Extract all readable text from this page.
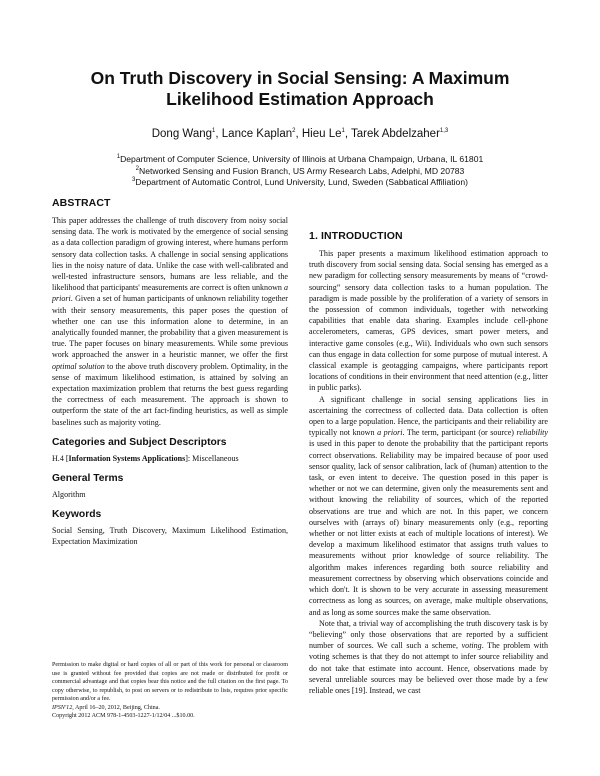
On Truth Discovery in Social Sensing: A Maximum
Likelihood Estimation Approach

Dong Wang$^1$, Lance Kaplan$^2$, Hieu Le$^1$, Tarek Abdelzaher$^{1,3}$

$^1$Department of Computer Science, University of Illinois at Urbana Champaign, Urbana, IL 61801

$^2$Networked Sensing and Fusion Branch, US Army Research Labs, Adelphi, MD 20783

$^3$Department of Automatic Control, Lund University, Lund, Sweden (Sabbatical Affiliation)

ABSTRACT

This paper addresses the challenge of truth discovery from noisy social sensing data. The work is motivated by the emergence of social sensing as a data collection paradigm of growing interest, where humans perform sensory data collection tasks. A challenge in social sensing applications lies in the noisy nature of data. Unlike the case with well-calibrated and well-tested infrastructure sensors, humans are less reliable, and the likelihood that participants' measurements are correct is often unknown a priori. Given a set of human participants of unknown reliability together with their sensory measurements, this paper poses the question of whether one can use this information alone to determine, in an analytically founded manner, the probability that a given measurement is true. The paper focuses on binary measurements. While some previous work approached the answer in a heuristic manner, we offer the first optimal solution to the above truth discovery problem. Optimality, in the sense of maximum likelihood estimation, is attained by solving an expectation maximization problem that returns the best guess regarding the correctness of each measurement. The approach is shown to outperform the state of the art fact-finding heuristics, as well as simple baselines such as majority voting.

Categories and Subject Descriptors

H.4 [Information Systems Applications]: Miscellaneous

General Terms

Algorithm

Keywords

Social Sensing, Truth Discovery, Maximum Likelihood Estimation, Expectation Maximization

Permission to make digital or hard copies of all or part of this work for personal or classroom use is granted without fee provided that copies are not made or distributed for profit or commercial advantage and that copies bear this notice and the full citation on the first page. To copy otherwise, to republish, to post on servers or to redistribute to lists, requires prior specific permission and/or a fee.

IPSN'12, April 16–20, 2012, Beijing, China.

Copyright 2012 ACM 978-1-4503-1227-1/12/04 ...$10.00.

1. INTRODUCTION

This paper presents a maximum likelihood estimation approach to truth discovery from social sensing data. Social sensing has emerged as a new paradigm for collecting sensory measurements by means of “crowd-sourcing” sensory data collection tasks to a human population. The paradigm is made possible by the proliferation of a variety of sensors in the possession of common individuals, together with networking capabilities that enable data sharing. Examples include cell-phone accelerometers, cameras, GPS devices, smart power meters, and interactive game consoles (e.g., Wii). Individuals who own such sensors can thus engage in data collection for some purpose of mutual interest. A classical example is geotagging campaigns, where participants report locations of conditions in their environment that need attention (e.g., litter in public parks).

A significant challenge in social sensing applications lies in ascertaining the correctness of collected data. Data collection is often open to a large population. Hence, the participants and their reliability are typically not known a priori. The term, participant (or source) reliability is used in this paper to denote the probability that the participant reports correct observations. Reliability may be impaired because of poor used sensor quality, lack of sensor calibration, lack of (human) attention to the task, or even intent to deceive. The question posed in this paper is whether or not we can determine, given only the measurements sent and without knowing the reliability of sources, which of the reported observations are true and which are not. In this paper, we concern ourselves with (arrays of) binary measurements only (e.g., reporting whether or not litter exists at each of multiple locations of interest). We develop a maximum likelihood estimator that assigns truth values to measurements without prior knowledge of source reliability. The algorithm makes inferences regarding both source reliability and measurement correctness by observing which observations coincide and which don't. It is shown to be very accurate in assessing measurement correctness as long as sources, on average, make multiple observations, and as long as some sources make the same observation.

Note that, a trivial way of accomplishing the truth discovery task is by “believing” only those observations that are reported by a sufficient number of sources. We call such a scheme, voting. The problem with voting schemes is that they do not attempt to infer source reliability and do not take that estimate into account. Hence, observations made by several unreliable sources may be believed over those made by a few reliable ones [19]. Instead, we cast
